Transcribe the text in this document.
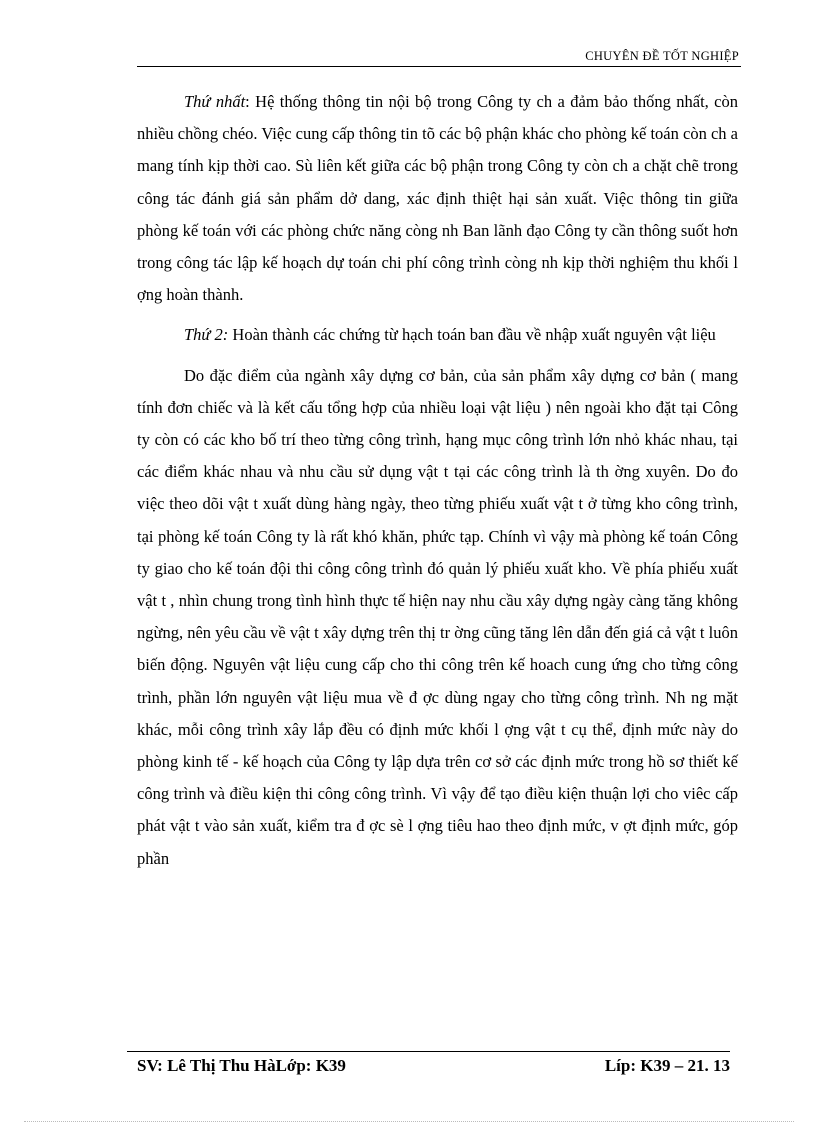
CHUYÊN ĐỀ TỐT NGHIỆP

Thứ nhất: Hệ thống thông tin nội bộ trong Công ty ch a đảm bảo thống nhất, còn nhiều chồng chéo. Việc cung cấp thông tin tõ các bộ phận khác cho phòng kế toán còn ch a mang tính kịp thời cao. Sù liên kết giữa các bộ phận trong Công ty còn ch a chặt chẽ trong công tác đánh giá sản phẩm dở dang, xác định thiệt hại sản xuất. Việc thông tin giữa phòng kế toán với các phòng chức năng còng nh Ban lãnh đạo Công ty cần thông suốt hơn trong công tác lập kế hoạch dự toán chi phí công trình còng nh kịp thời nghiệm thu khối l ợng hoàn thành.

Thứ 2: Hoàn thành các chứng từ hạch toán ban đầu về nhập xuất nguyên vật liệu

Do đặc điểm của ngành xây dựng cơ bản, của sản phẩm xây dựng cơ bản ( mang tính đơn chiếc và là kết cấu tổng hợp của nhiều loại vật liệu ) nên ngoài kho đặt tại Công ty còn có các kho bố trí theo từng công trình, hạng mục công trình lớn nhỏ khác nhau, tại các điểm khác nhau và nhu cầu sử dụng vật t tại các công trình là th ờng xuyên. Do đo việc theo dõi vật t xuất dùng hàng ngày, theo từng phiếu xuất vật t ở từng kho công trình, tại phòng kế toán Công ty là rất khó khăn, phức tạp. Chính vì vậy mà phòng kế toán Công ty giao cho kế toán đội thi công công trình đó quản lý phiếu xuất kho. Về phía phiếu xuất vật t , nhìn chung trong tình hình thực tế hiện nay nhu cầu xây dựng ngày càng tăng không ngừng, nên yêu cầu về vật t xây dựng trên thị tr ờng cũng tăng lên dẫn đến giá cả vật t luôn biến động. Nguyên vật liệu cung cấp cho thi công trên kế hoach cung ứng cho từng công trình, phần lớn nguyên vật liệu mua về đ ợc dùng ngay cho từng công trình. Nh ng mặt khác, mỗi công trình xây lắp đều có định mức khối l ợng vật t cụ thể, định mức này do phòng kinh tế - kế hoạch của Công ty lập dựa trên cơ sở các định mức trong hồ sơ thiết kế công trình và điều kiện thi công công trình. Vì vậy để tạo điều kiện thuận lợi cho viêc cấp phát vật t vào sản xuất, kiểm tra đ ợc sè l ợng tiêu hao theo định mức, v ợt định mức, góp phần

SV: Lê Thị Thu HàLớp: K39	Líp: K39 – 21. 13
